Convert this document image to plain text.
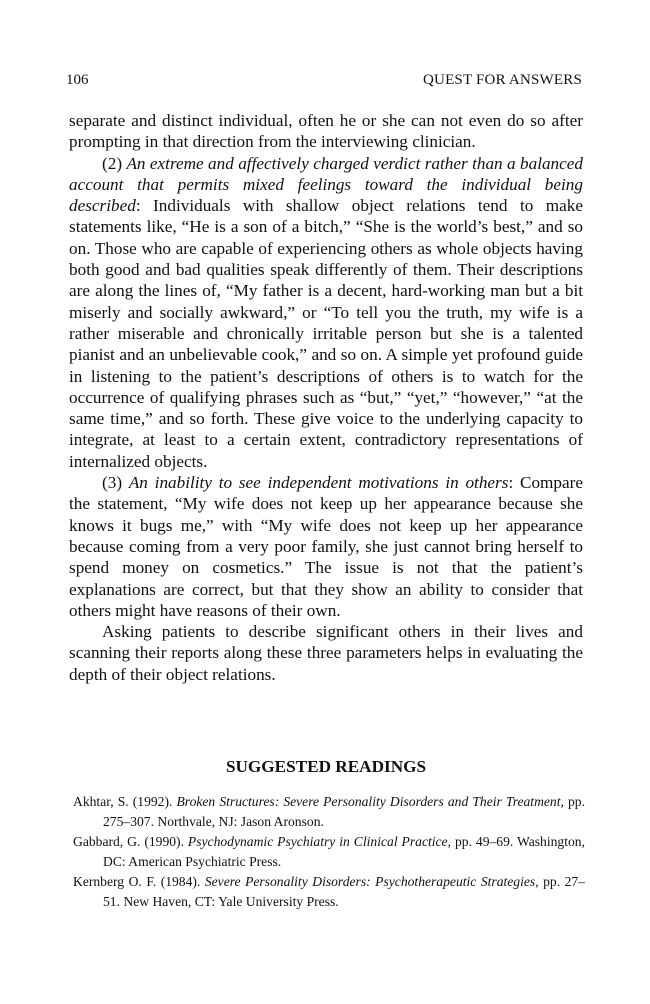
106	QUEST FOR ANSWERS

separate and distinct individual, often he or she can not even do so after prompting in that direction from the interviewing clinician.

(2) An extreme and affectively charged verdict rather than a balanced account that permits mixed feelings toward the individual being described: Individuals with shallow object relations tend to make statements like, “He is a son of a bitch,” “She is the world’s best,” and so on. Those who are capable of experiencing others as whole objects having both good and bad qualities speak differently of them. Their descriptions are along the lines of, “My father is a decent, hard-working man but a bit miserly and socially awkward,” or “To tell you the truth, my wife is a rather miserable and chronically irritable person but she is a talented pianist and an unbelievable cook,” and so on. A simple yet profound guide in listening to the patient’s descriptions of others is to watch for the occurrence of qualifying phrases such as “but,” “yet,” “however,” “at the same time,” and so forth. These give voice to the underlying capacity to integrate, at least to a certain extent, contradictory representations of internalized objects.

(3) An inability to see independent motivations in others: Compare the statement, “My wife does not keep up her appearance because she knows it bugs me,” with “My wife does not keep up her appearance because coming from a very poor family, she just cannot bring herself to spend money on cosmetics.” The issue is not that the patient’s explanations are correct, but that they show an ability to consider that others might have reasons of their own.

Asking patients to describe significant others in their lives and scanning their reports along these three parameters helps in evaluating the depth of their object relations.

SUGGESTED READINGS

Akhtar, S. (1992). Broken Structures: Severe Personality Disorders and Their Treatment, pp. 275–307. Northvale, NJ: Jason Aronson.

Gabbard, G. (1990). Psychodynamic Psychiatry in Clinical Practice, pp. 49–69. Washington, DC: American Psychiatric Press.

Kernberg O. F. (1984). Severe Personality Disorders: Psychotherapeutic Strategies, pp. 27–51. New Haven, CT: Yale University Press.
